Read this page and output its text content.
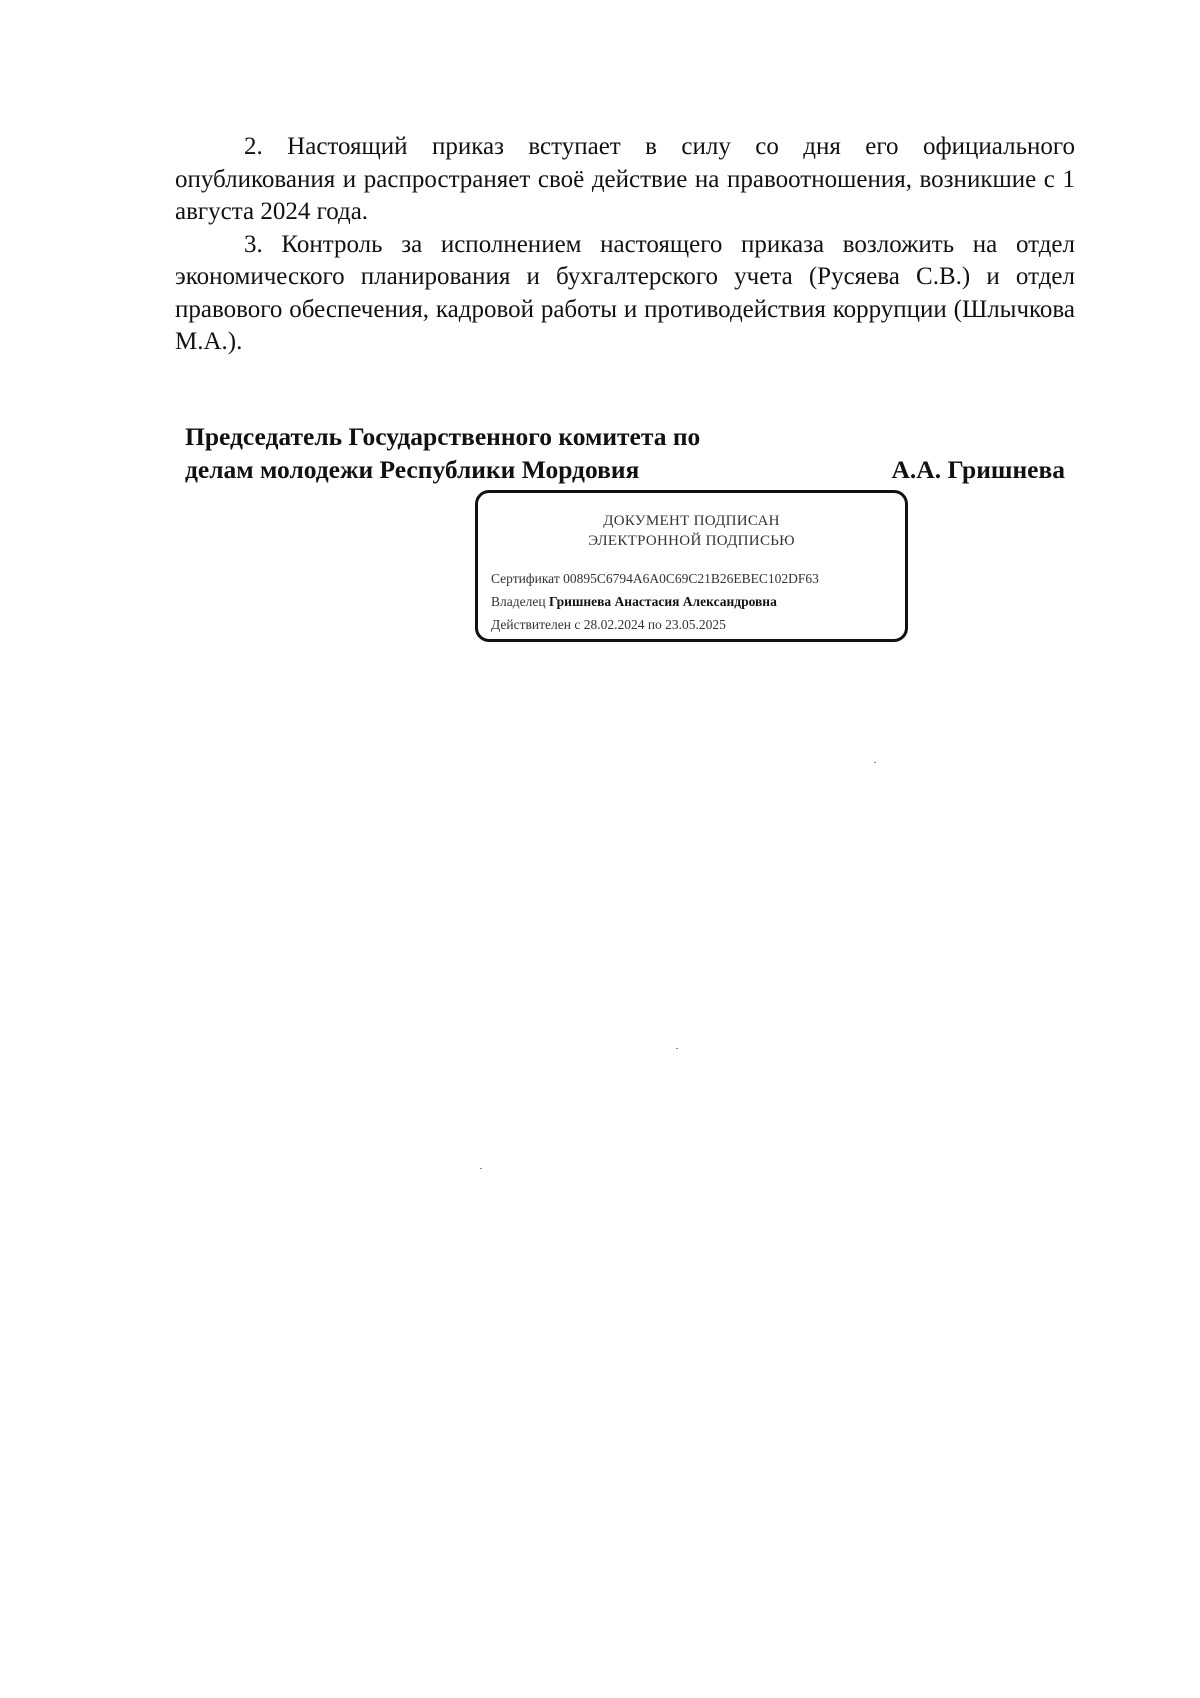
2. Настоящий приказ вступает в силу со дня его официального опубликования и распространяет своё действие на правоотношения, возникшие с 1 августа 2024 года.

3. Контроль за исполнением настоящего приказа возложить на отдел экономического планирования и бухгалтерского учета (Русяева С.В.) и отдел правового обеспечения, кадровой работы и противодействия коррупции (Шлычкова М.А.).

Председатель Государственного комитета по
делам молодежи Республики Мордовия	А.А. Гришнева
ДОКУМЕНТ ПОДПИСАН
ЭЛЕКТРОННОЙ ПОДПИСЬЮ
Сертификат 00895C6794A6A0C69C21B26EBEC102DF63
Владелец Гришнева Анастасия Александровна
Действителен с 28.02.2024 по 23.05.2025
